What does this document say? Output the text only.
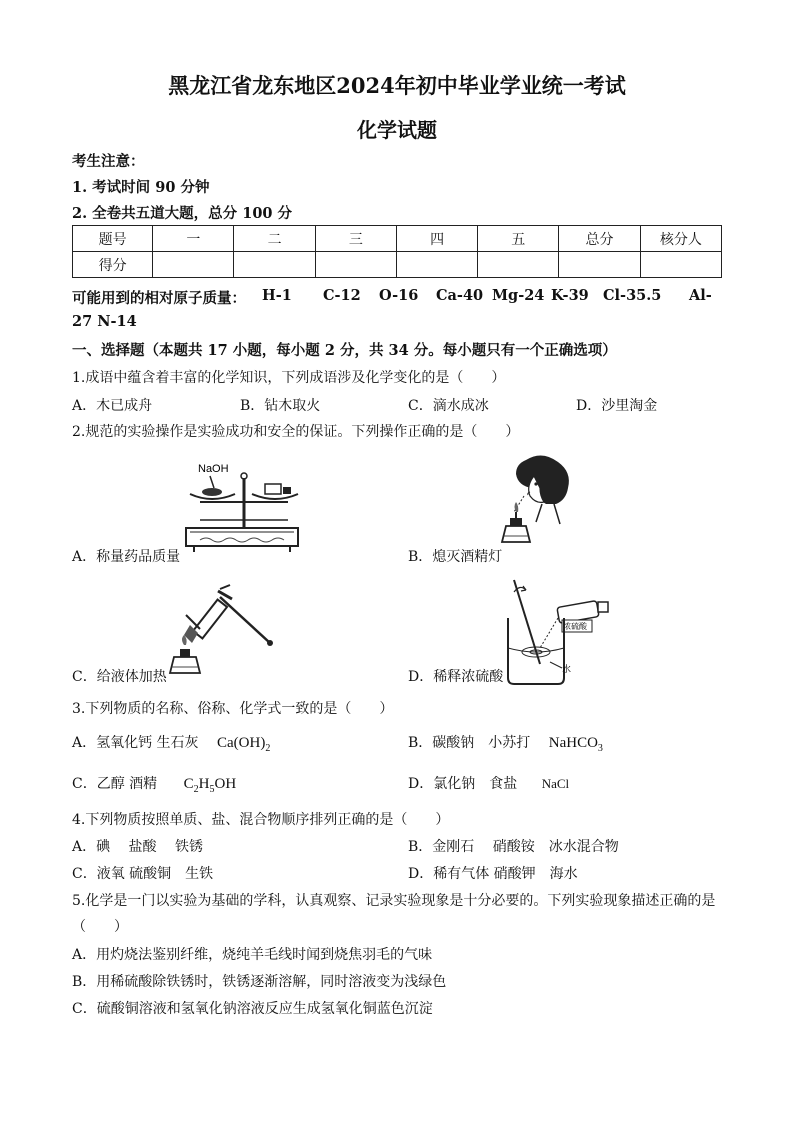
黑龙江省龙东地区2024年初中毕业学业统一考试
化学试题
考生注意：
1. 考试时间 90 分钟
2. 全卷共五道大题，总分 100 分
题号	一	二	三	四	五	总分	核分人
得分							
可能用到的相对原子质量： H-1 C-12 O-16 Ca-40 Mg-24 K-39 Cl-35.5 Al-
27 N-14
一、选择题（本题共 17 小题，每小题 2 分，共 34 分。每小题只有一个正确选项）
1.成语中蕴含着丰富的化学知识，下列成语涉及化学变化的是（　　）
A．木已成舟	B．钻木取火	C．滴水成冰	D．沙里淘金
2.规范的实验操作是实验成功和安全的保证。下列操作正确的是（　　）
NaOH
A．称量药品质量	B．熄灭酒精灯
C．给液体加热
浓硫酸
水
D．稀释浓硫酸
3.下列物质的名称、俗称、化学式一致的是（　　）
A．氢氧化钙 生石灰 $Ca(OH)_2$	B．碳酸钠　小苏打 NaHCO$_3$
C．乙醇 酒精 $C_2H_5OH$	D．氯化钠　食盐 NaCl
4.下列物质按照单质、盐、混合物顺序排列正确的是（　　）
A．碘　 盐酸　 铁锈	B．金刚石　 硝酸铵　冰水混合物
C．液氧 硫酸铜　生铁	D．稀有气体 硝酸钾　海水
5.化学是一门以实验为基础的学科，认真观察、记录实验现象是十分必要的。下列实验现象描述正确的是
（　　）
A．用灼烧法鉴别纤维，烧纯羊毛线时闻到烧焦羽毛的气味
B．用稀硫酸除铁锈时，铁锈逐渐溶解，同时溶液变为浅绿色
C．硫酸铜溶液和氢氧化钠溶液反应生成氢氧化铜蓝色沉淀
